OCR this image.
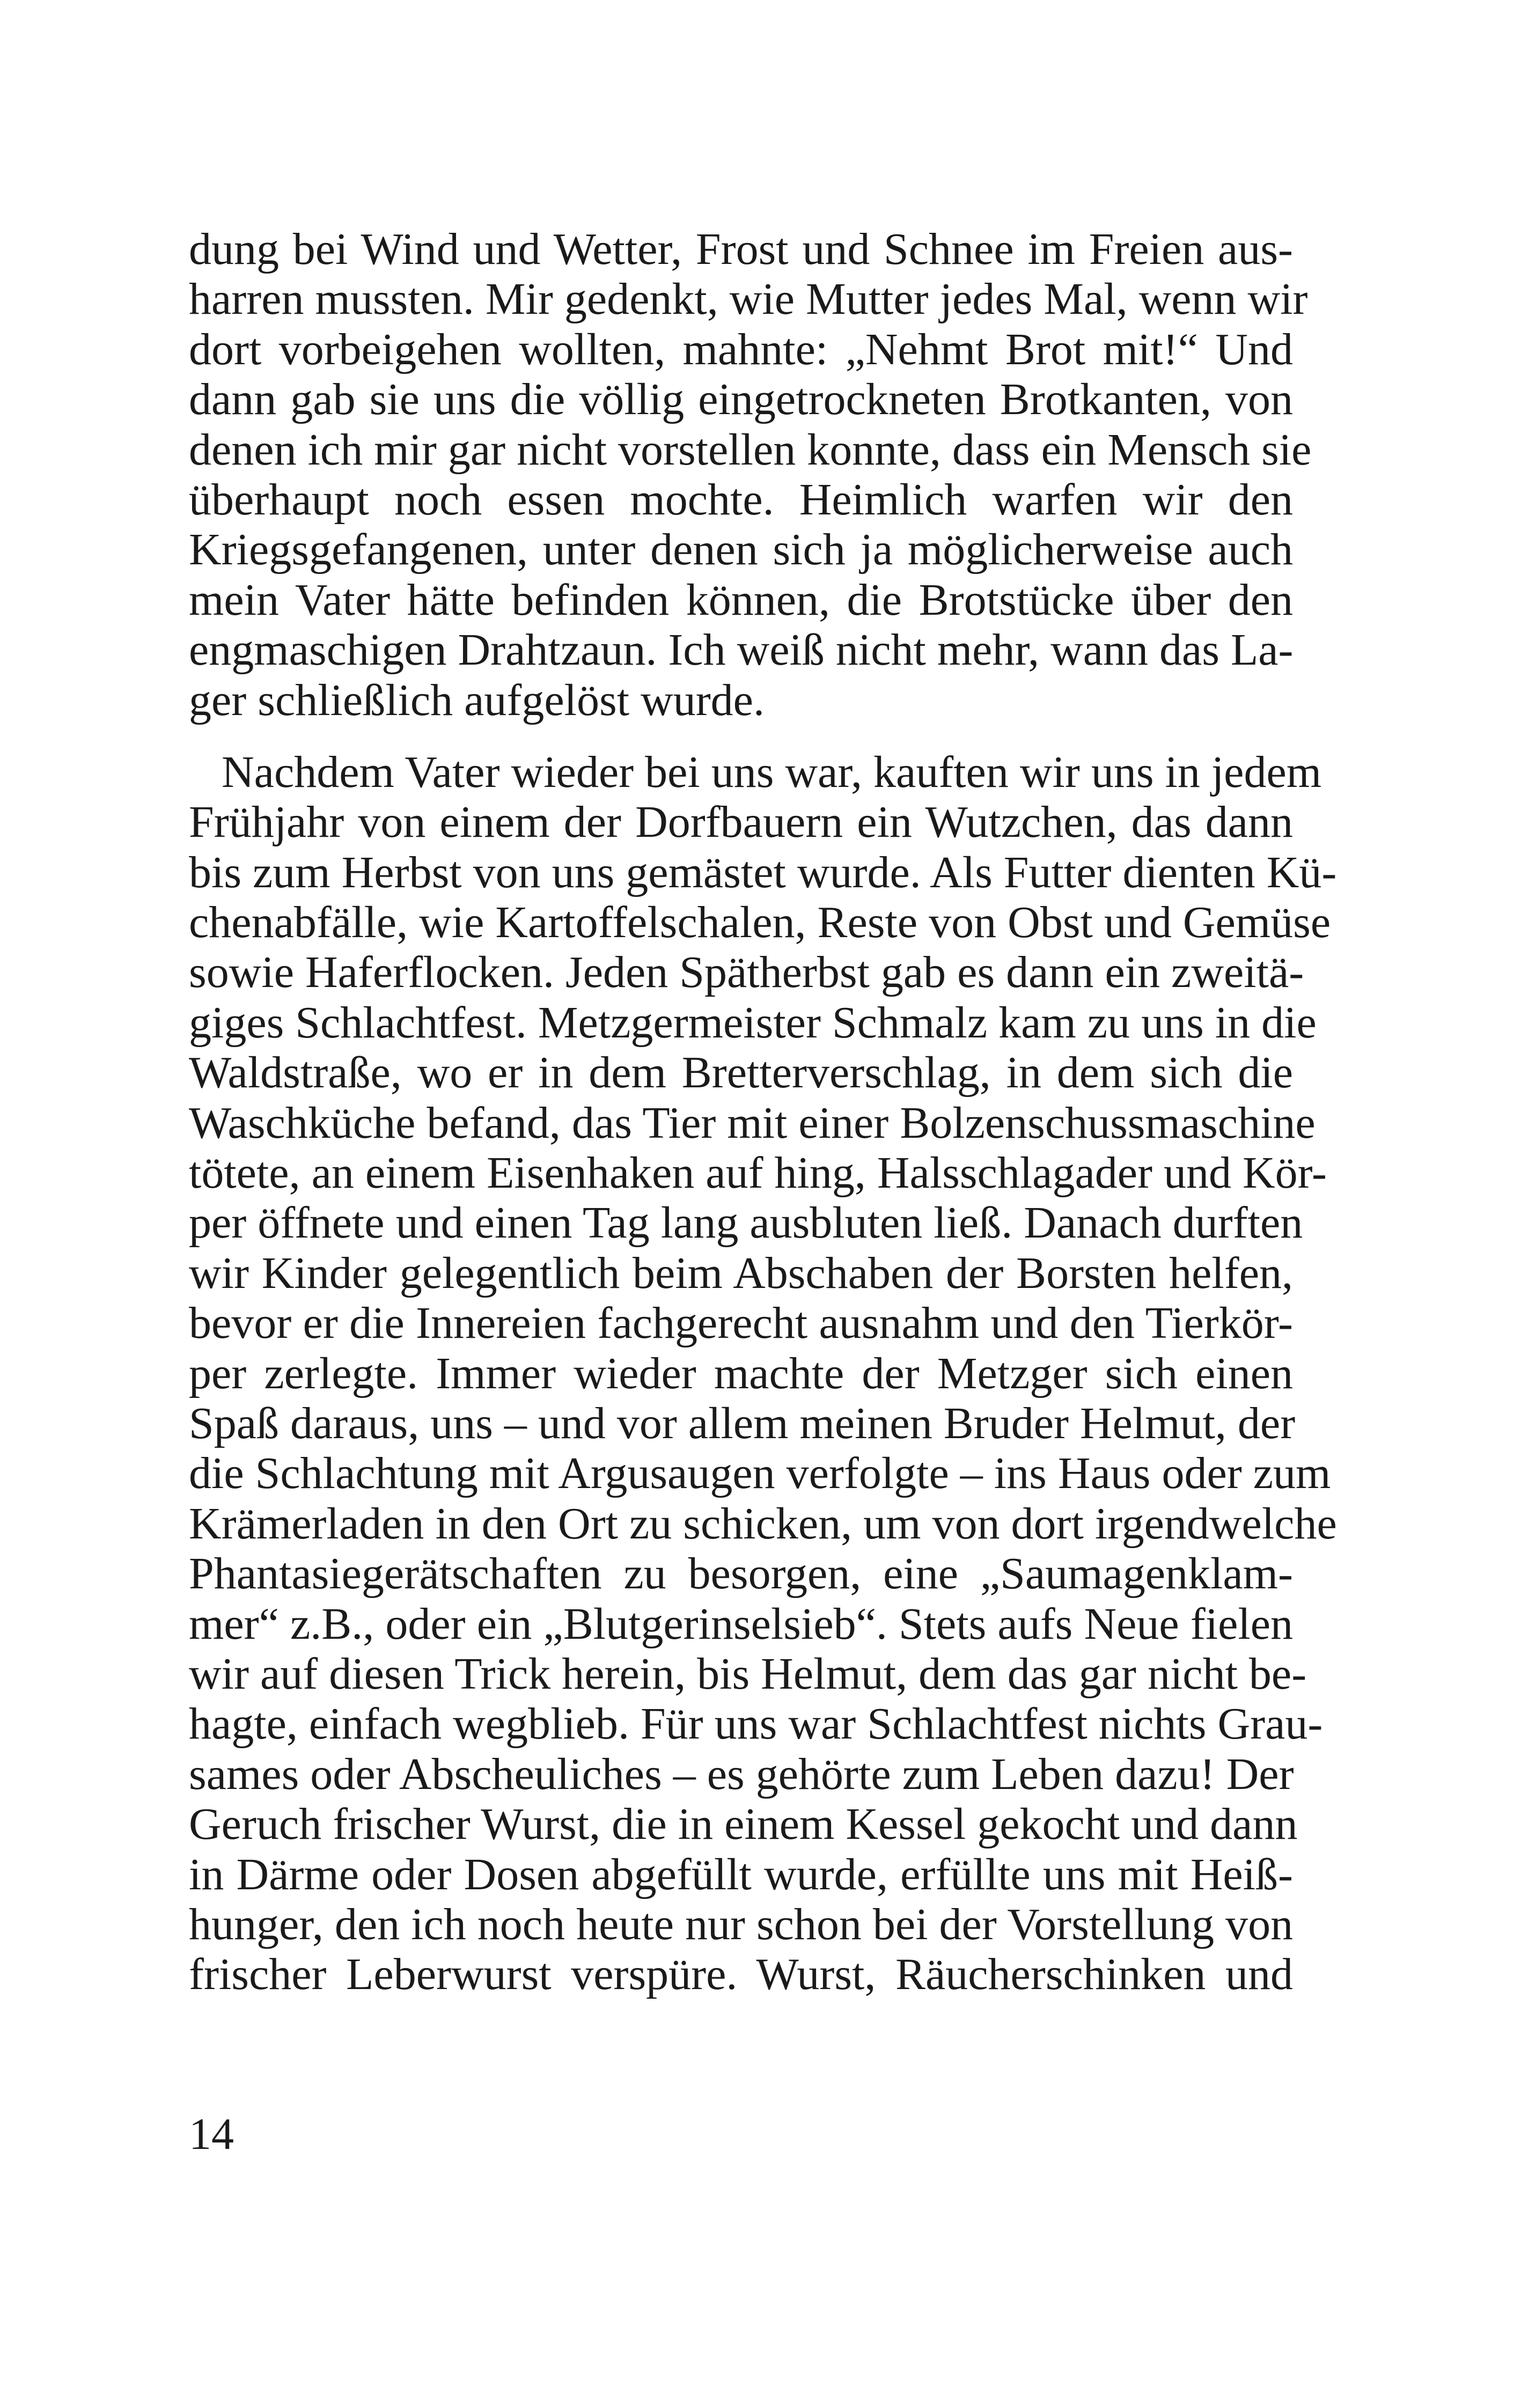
dung bei Wind und Wetter, Frost und Schnee im Freien aus-
harren mussten. Mir gedenkt, wie Mutter jedes Mal, wenn wir
dort vorbeigehen wollten, mahnte: „Nehmt Brot mit!“ Und
dann gab sie uns die völlig eingetrockneten Brotkanten, von
denen ich mir gar nicht vorstellen konnte, dass ein Mensch sie
überhaupt noch essen mochte. Heimlich warfen wir den
Kriegsgefangenen, unter denen sich ja möglicherweise auch
mein Vater hätte befinden können, die Brotstücke über den
engmaschigen Drahtzaun. Ich weiß nicht mehr, wann das La-
ger schließlich aufgelöst wurde.
Nachdem Vater wieder bei uns war, kauften wir uns in jedem
Frühjahr von einem der Dorfbauern ein Wutzchen, das dann
bis zum Herbst von uns gemästet wurde. Als Futter dienten Kü-
chenabfälle, wie Kartoffelschalen, Reste von Obst und Gemüse
sowie Haferflocken. Jeden Spätherbst gab es dann ein zweitä-
giges Schlachtfest. Metzgermeister Schmalz kam zu uns in die
Waldstraße, wo er in dem Bretterverschlag, in dem sich die
Waschküche befand, das Tier mit einer Bolzenschussmaschine
tötete, an einem Eisenhaken auf hing, Halsschlagader und Kör-
per öffnete und einen Tag lang ausbluten ließ. Danach durften
wir Kinder gelegentlich beim Abschaben der Borsten helfen,
bevor er die Innereien fachgerecht ausnahm und den Tierkör-
per zerlegte. Immer wieder machte der Metzger sich einen
Spaß daraus, uns – und vor allem meinen Bruder Helmut, der
die Schlachtung mit Argusaugen verfolgte – ins Haus oder zum
Krämerladen in den Ort zu schicken, um von dort irgendwelche
Phantasiegerätschaften zu besorgen, eine „Saumagenklam-
mer“ z.B., oder ein „Blutgerinselsieb“. Stets aufs Neue fielen
wir auf diesen Trick herein, bis Helmut, dem das gar nicht be-
hagte, einfach wegblieb. Für uns war Schlachtfest nichts Grau-
sames oder Abscheuliches – es gehörte zum Leben dazu! Der
Geruch frischer Wurst, die in einem Kessel gekocht und dann
in Därme oder Dosen abgefüllt wurde, erfüllte uns mit Heiß-
hunger, den ich noch heute nur schon bei der Vorstellung von
frischer Leberwurst verspüre. Wurst, Räucherschinken und
14
